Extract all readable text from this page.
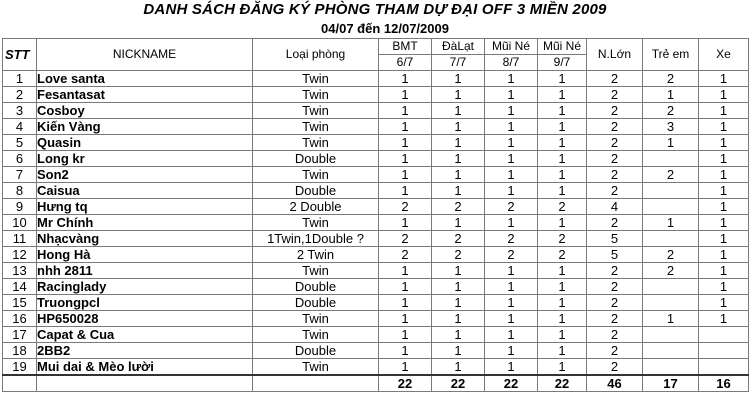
DANH SÁCH ĐĂNG KÝ PHÒNG THAM DỰ ĐẠI OFF 3 MIỀN 2009
04/07 đến 12/07/2009
STT	NICKNAME	Loại phòng	BMT	ĐàLạt	Mũi Né	Mũi Né	N.Lớn	Trẻ em	Xe
			6/7	7/7	8/7	9/7			
1	Love santa	Twin	1	1	1	1	2	2	1
2	Fesantasat	Twin	1	1	1	1	2	1	1
3	Cosboy	Twin	1	1	1	1	2	2	1
4	Kiến Vàng	Twin	1	1	1	1	2	3	1
5	Quasin	Twin	1	1	1	1	2	1	1
6	Long kr	Double	1	1	1	1	2		1
7	Son2	Twin	1	1	1	1	2	2	1
8	Caisua	Double	1	1	1	1	2		1
9	Hưng tq	2 Double	2	2	2	2	4		1
10	Mr Chính	Twin	1	1	1	1	2	1	1
11	Nhạcvàng	1Twin,1Double ?	2	2	2	2	5		1
12	Hong Hà	2 Twin	2	2	2	2	5	2	1
13	nhh 2811	Twin	1	1	1	1	2	2	1
14	Racinglady	Double	1	1	1	1	2		1
15	Truongpcl	Double	1	1	1	1	2		1
16	HP650028	Twin	1	1	1	1	2	1	1
17	Capat & Cua	Twin	1	1	1	1	2		
18	2BB2	Double	1	1	1	1	2		
19	Mui dai & Mèo lười	Twin	1	1	1	1	2		
			22	22	22	22	46	17	16
